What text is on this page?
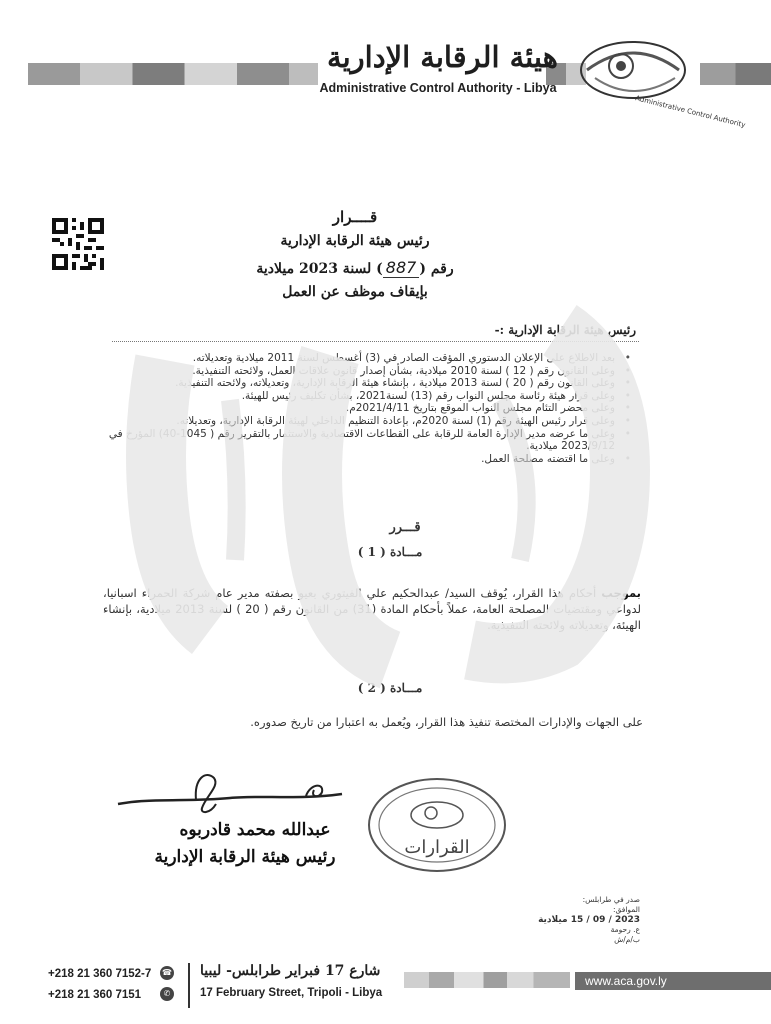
هيئة الرقابة الإدارية
Administrative Control Authority - Libya
Administrative Control Authority
قــــرار
رئيس هيئة الرقابة الإدارية
رقم (887) لسنة 2023 ميلادية
بإيقاف موظف عن العمل
رئيس هيئة الرقابة الإدارية :-
• بعد الاطلاع على الإعلان الدستوري المؤقت الصادر في (3) أغسطس لسنة 2011 ميلادية وتعديلاته.
• وعلى القانون رقم ( 12 ) لسنة 2010 ميلادية، بشأن إصدار قانون علاقات العمل، ولائحته التنفيذية.
• وعلى القانون رقم ( 20 ) لسنة 2013 ميلادية ، بإنشاء هيئة الرقابة الإدارية، وتعديلاته، ولائحته التنفيذية.
• وعلى قرار هيئة رئاسة مجلس النواب رقم (13) لسنة2021، بشأن تكليف رئيس للهيئة.
• وعلى محضر التئام مجلس النواب الموقع بتاريخ 2021/4/11م.
• وعلى قرار رئيس الهيئة رقم (1) لسنة 2020م، بإعادة التنظيم الداخلي لهيئة الرقابة الإدارية، وتعديلاته.
• وعلى ما عرضه مدير الإدارة العامة للرقابة على القطاعات الاقتصادية والاستثمار بالتقرير رقم ( 1045-40) المؤرخ في 2023/9/12 ميلادية.
• وعلى ما اقتضته مصلحة العمل.
قـــرر
مـــادة ( 1 )
بموجب أحكام هذا القرار، يُوقف السيد/ عبدالحكيم علي الفيتوري بعيو بصفته مدير عام شركة الحمراء اسبانيا، لدواعي ومقتضيات المصلحة العامة، عملاً بأحكام المادة (31) من القانون رقم ( 20 ) لسنة 2013 ميلادية، بإنشاء الهيئة، وتعديلاته ولائحته التنفيذية.
مـــادة ( 2 )
على الجهات والإدارات المختصة تنفيذ هذا القرار، ويُعمل به اعتبارا من تاريخ صدوره.
عبدالله محمد قادربوه
رئيس هيئة الرقابة الإدارية	القرارات
صدر في طرابلس:
الموافق:
2023 / 09 / 15 ميلادية
ع. رحومة
ب/م/ش
+218 21 360 7152-7
+218 21 360 7151
☎
✆
شارع 17 فبراير طرابلس- ليبيا
17 February Street, Tripoli - Libya
www.aca.gov.ly
